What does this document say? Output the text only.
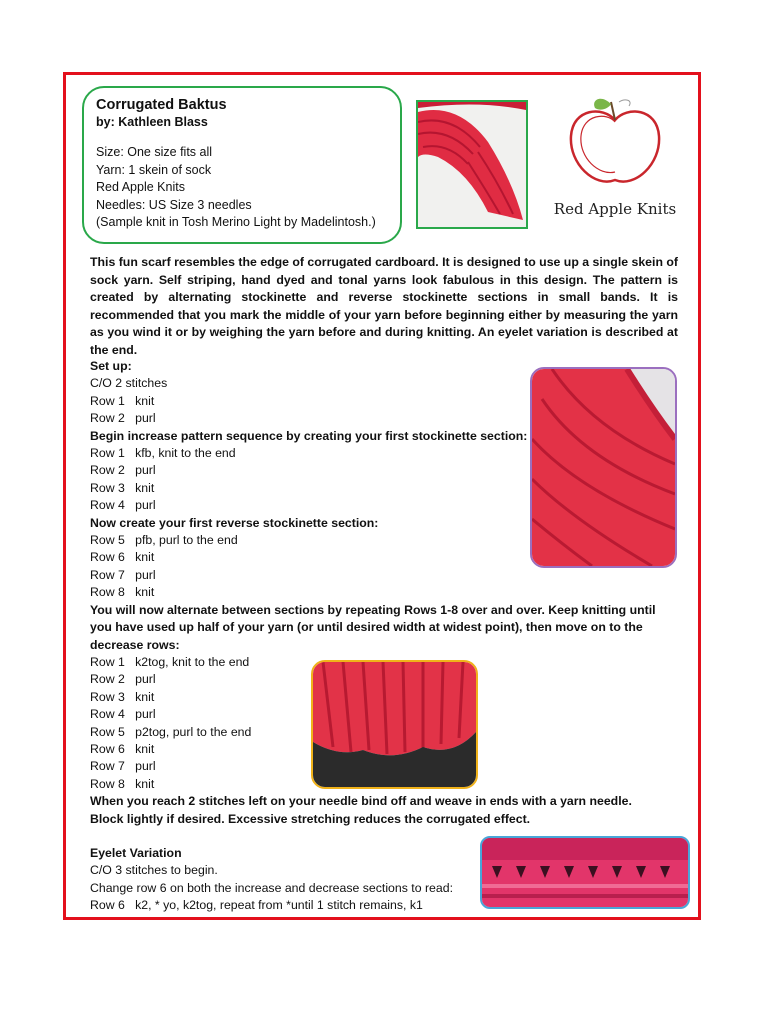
Corrugated Baktus

by: Kathleen Blass

Size: One size fits all

Yarn: 1 skein of sock

Red Apple Knits

Needles: US Size 3 needles

(Sample knit in Tosh Merino Light by Madelintosh.)

Red Apple Knits

This fun scarf resembles the edge of corrugated cardboard. It is designed to use up a single skein of sock yarn. Self striping, hand dyed and tonal yarns look fabulous in this design. The pattern is created by alternating stockinette and reverse stockinette sections in small bands. It is recommended that you mark the middle of your yarn before beginning either by measuring the yarn as you wind it or by weighing the yarn before and during knitting. An eyelet variation is described at the end.

Set up:

C/O 2 stitches

Row 1   knit

Row 2   purl

Begin increase pattern sequence by creating your first stockinette section:

Row 1   kfb, knit to the end

Row 2   purl

Row 3   knit

Row 4   purl

Now create your first reverse stockinette section:

Row 5   pfb, purl to the end

Row 6   knit

Row 7   purl

Row 8   knit

You will now alternate between sections by repeating Rows 1-8 over and over. Keep knitting until you have used up half of your yarn (or until desired width at widest point), then move on to the decrease rows:

Row 1   k2tog, knit to the end

Row 2   purl

Row 3   knit

Row 4   purl

Row 5   p2tog, purl to the end

Row 6   knit

Row 7   purl

Row 8   knit

When you reach 2 stitches left on your needle bind off and weave in ends with a yarn needle.

Block lightly if desired. Excessive stretching reduces the corrugated effect.

Eyelet Variation

C/O 3 stitches to begin.

Change row 6 on both the increase and decrease sections to read:

Row 6   k2, * yo, k2tog, repeat from *until 1 stitch remains, k1
